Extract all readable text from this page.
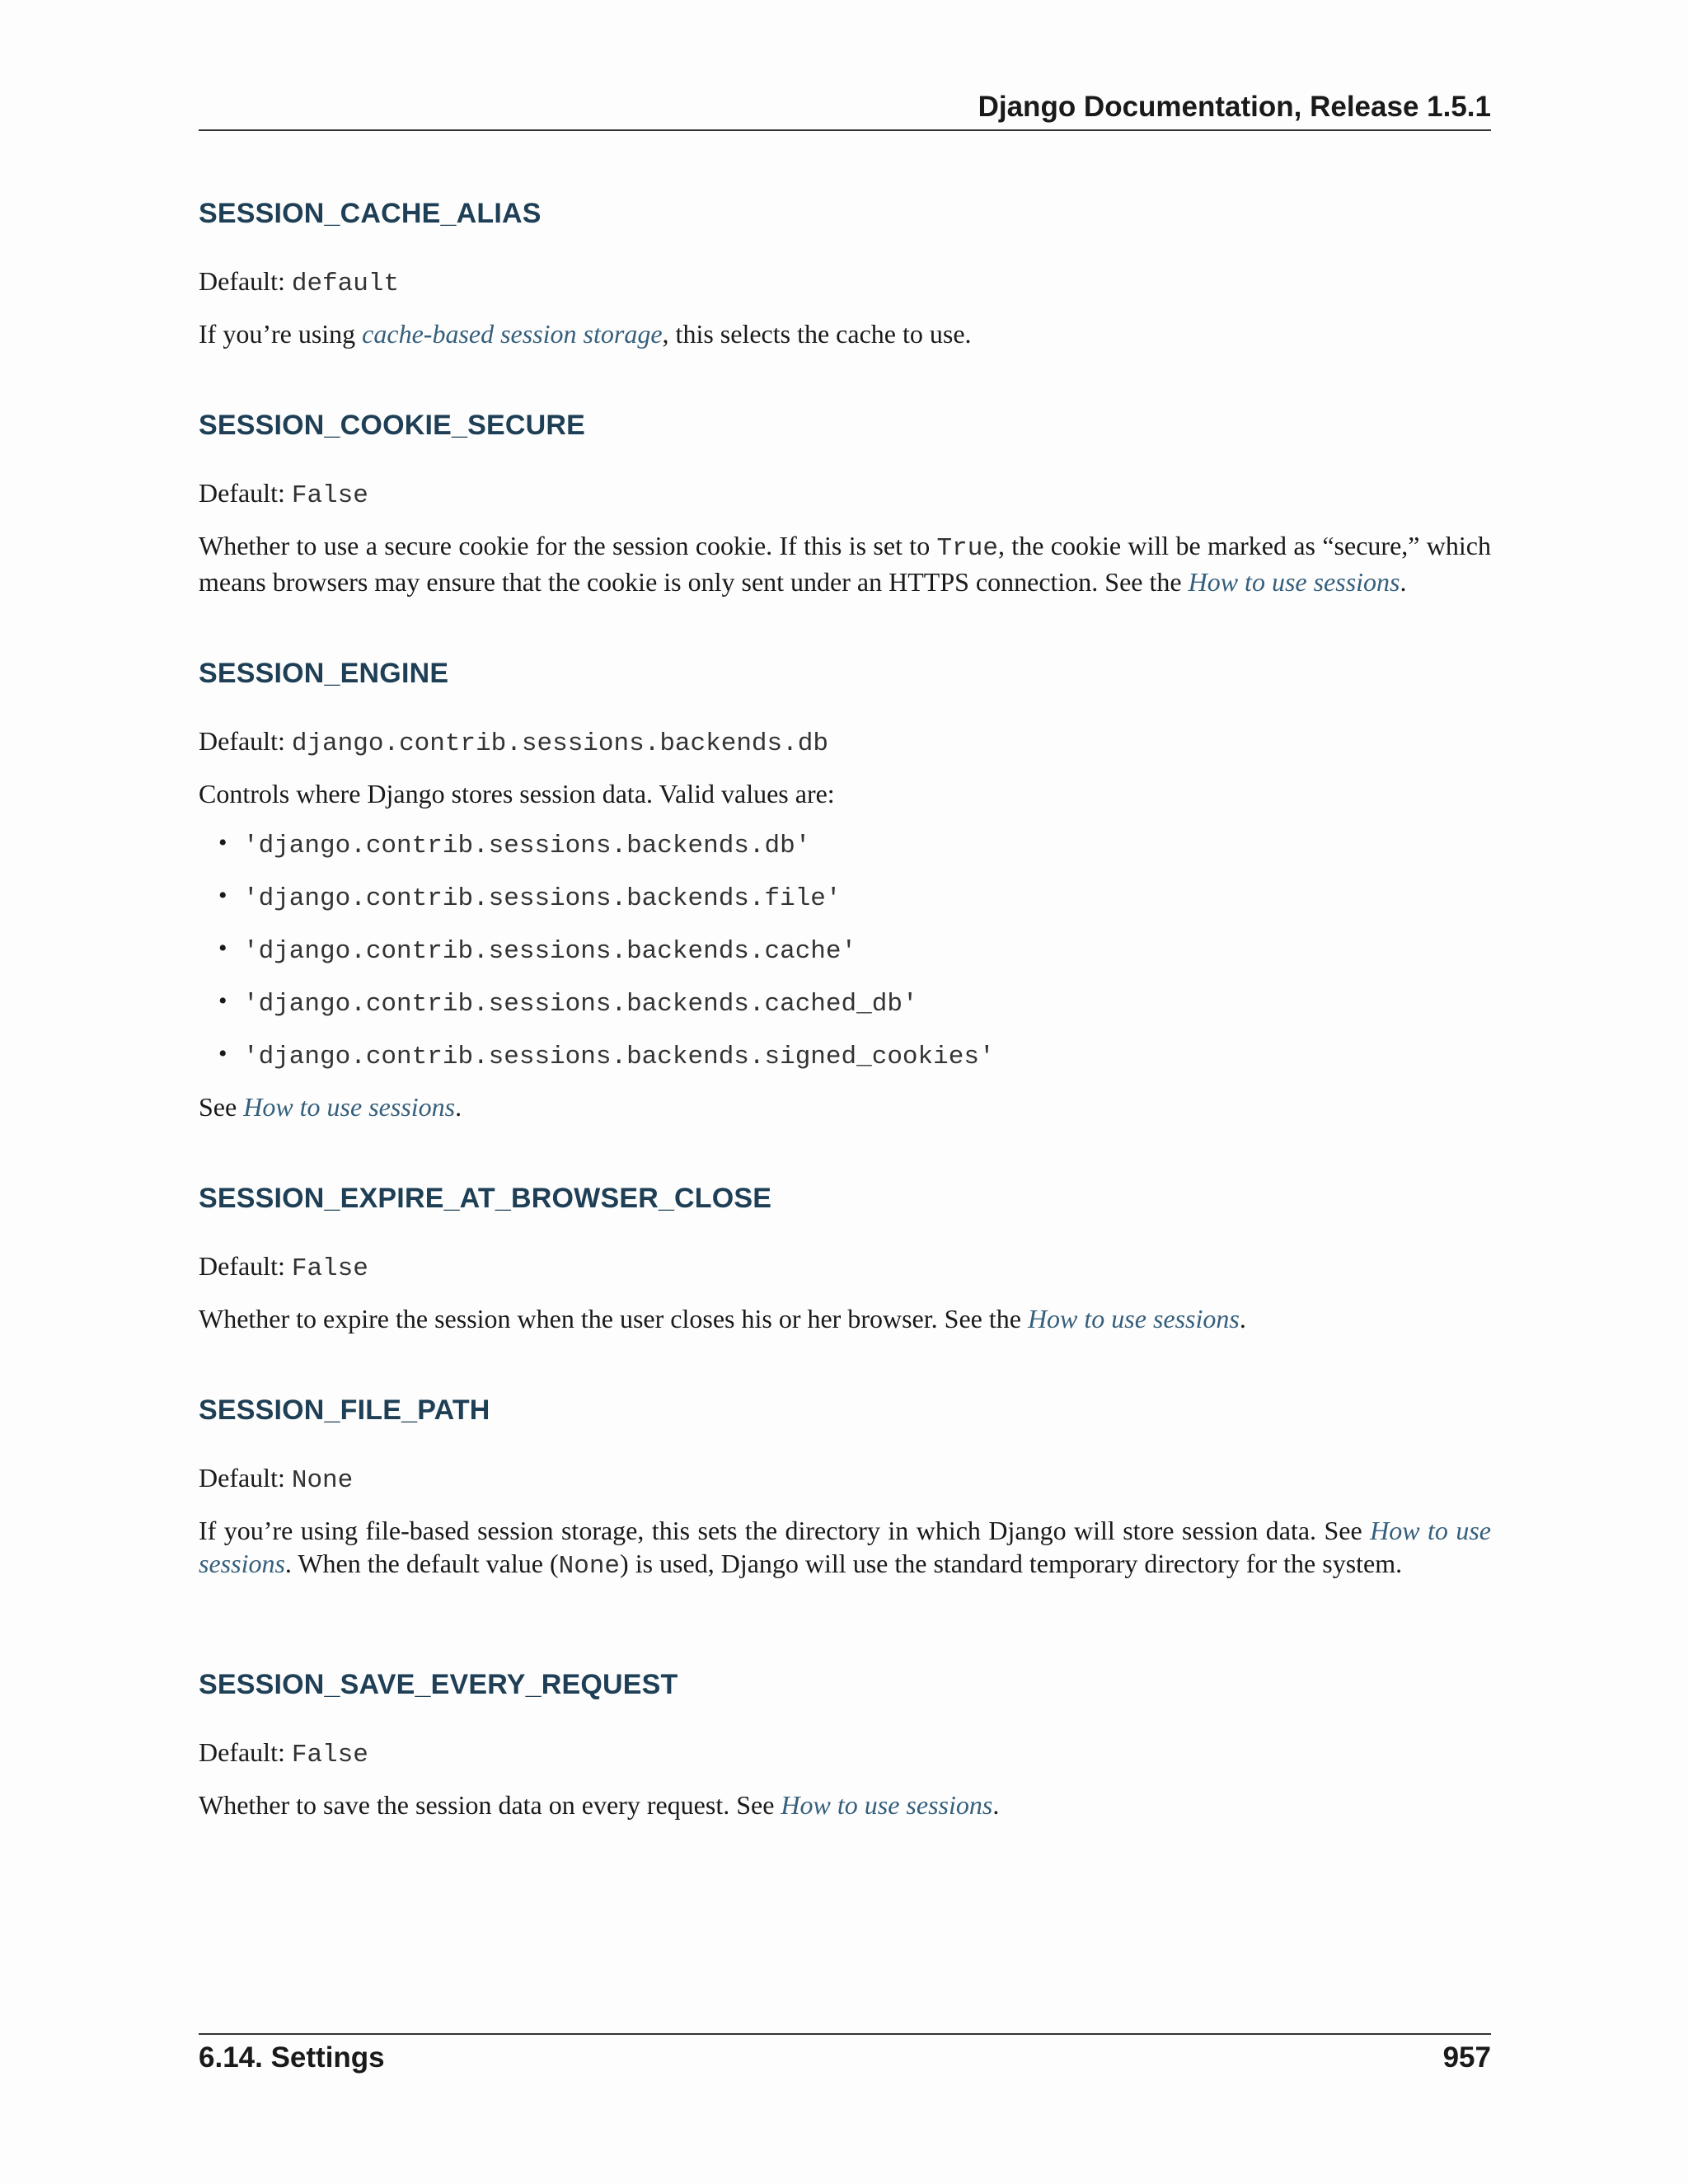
Django Documentation, Release 1.5.1
SESSION_CACHE_ALIAS

Default: default

If you’re using cache-based session storage, this selects the cache to use.

SESSION_COOKIE_SECURE

Default: False

Whether to use a secure cookie for the session cookie. If this is set to True, the cookie will be marked as “secure,” which means browsers may ensure that the cookie is only sent under an HTTPS connection. See the How to use sessions.

SESSION_ENGINE

Default: django.contrib.sessions.backends.db

Controls where Django stores session data. Valid values are:

• 'django.contrib.sessions.backends.db'
• 'django.contrib.sessions.backends.file'
• 'django.contrib.sessions.backends.cache'
• 'django.contrib.sessions.backends.cached_db'
• 'django.contrib.sessions.backends.signed_cookies'

See How to use sessions.

SESSION_EXPIRE_AT_BROWSER_CLOSE

Default: False

Whether to expire the session when the user closes his or her browser. See the How to use sessions.

SESSION_FILE_PATH

Default: None

If you’re using file-based session storage, this sets the directory in which Django will store session data. See How to use sessions. When the default value (None) is used, Django will use the standard temporary directory for the system.

SESSION_SAVE_EVERY_REQUEST

Default: False

Whether to save the session data on every request. See How to use sessions.

6.14. Settings	957
